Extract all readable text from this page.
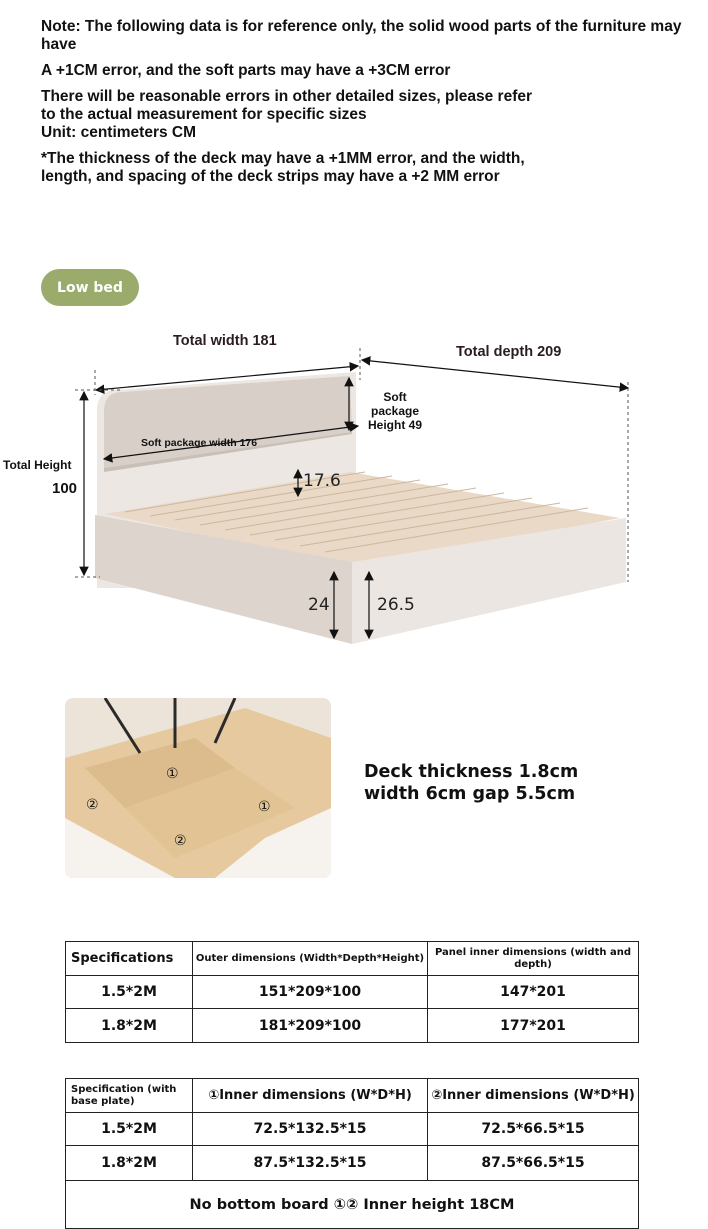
Note: The following data is for reference only, the solid wood parts of the furniture may have
A +1CM error, and the soft parts may have a +3CM error
There will be reasonable errors in other detailed sizes, please refer to the actual measurement for specific sizes
Unit: centimeters CM
*The thickness of the deck may have a +1MM error, and the width, length, and spacing of the deck strips may have a +2 MM error
Low bed
Total width 181
Total depth 209
Soft
package
Height 49
Soft package width 176
Total Height
100	17.6
24	26.5
①
②	①
②
Deck thickness 1.8cm
width 6cm gap 5.5cm
Specifications	Outer dimensions (Width*Depth*Height)	Panel inner dimensions (width and depth)
1.5*2M	151*209*100	147*201
1.8*2M	181*209*100	177*201
Specification (with base plate)	①Inner dimensions (W*D*H)	②Inner dimensions (W*D*H)
1.5*2M	72.5*132.5*15	72.5*66.5*15
1.8*2M	87.5*132.5*15	87.5*66.5*15
No bottom board ①② Inner height 18CM		
